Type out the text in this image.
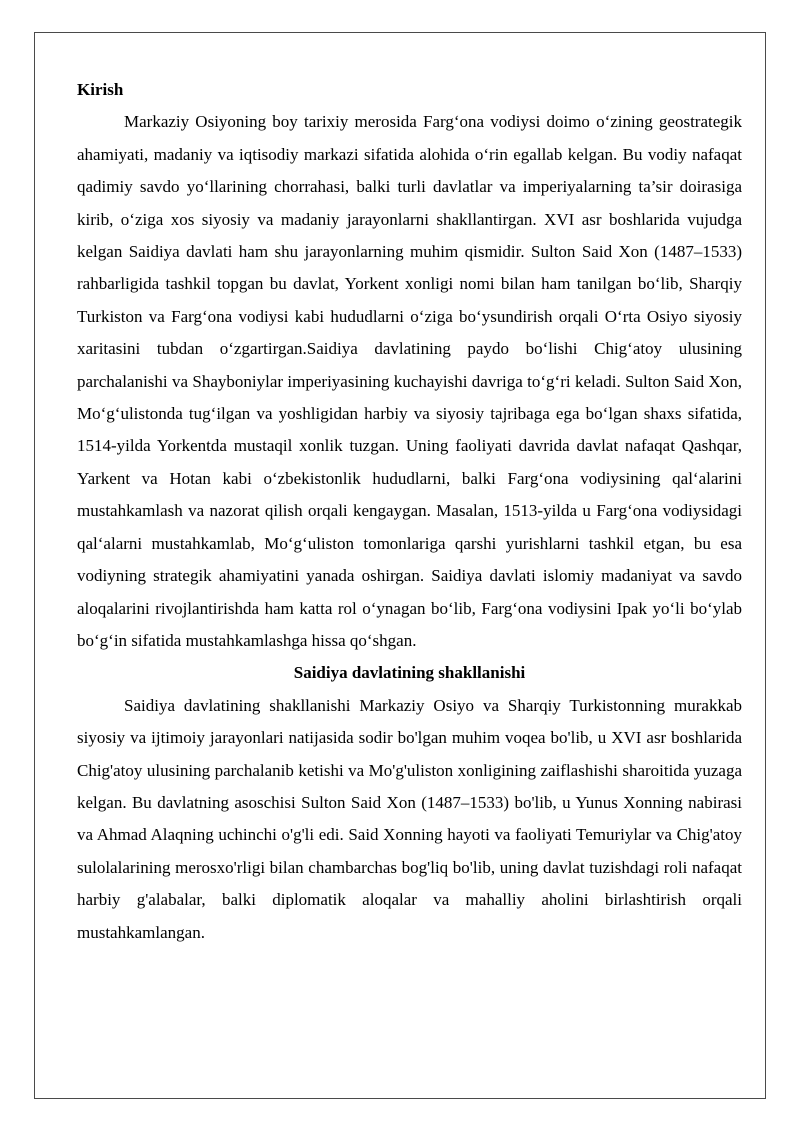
Kirish

Markaziy Osiyoning boy tarixiy merosida Farg‘ona vodiysi doimo o‘zining geostrategik ahamiyati, madaniy va iqtisodiy markazi sifatida alohida o‘rin egallab kelgan. Bu vodiy nafaqat qadimiy savdo yo‘llarining chorrahasi, balki turli davlatlar va imperiyalarning ta’sir doirasiga kirib, o‘ziga xos siyosiy va madaniy jarayonlarni shakllantirgan. XVI asr boshlarida vujudga kelgan Saidiya davlati ham shu jarayonlarning muhim qismidir. Sulton Said Xon (1487–1533) rahbarligida tashkil topgan bu davlat, Yorkent xonligi nomi bilan ham tanilgan bo‘lib, Sharqiy Turkiston va Farg‘ona vodiysi kabi hududlarni o‘ziga bo‘ysundirish orqali O‘rta Osiyo siyosiy xaritasini tubdan o‘zgartirgan.Saidiya davlatining paydo bo‘lishi Chig‘atoy ulusining parchalanishi va Shayboniylar imperiyasining kuchayishi davriga to‘g‘ri keladi. Sulton Said Xon, Mo‘g‘ulistonda tug‘ilgan va yoshligidan harbiy va siyosiy tajribaga ega bo‘lgan shaxs sifatida, 1514-yilda Yorkentda mustaqil xonlik tuzgan. Uning faoliyati davrida davlat nafaqat Qashqar, Yarkent va Hotan kabi o‘zbekistonlik hududlarni, balki Farg‘ona vodiysining qal‘alarini mustahkamlash va nazorat qilish orqali kengaygan. Masalan, 1513-yilda u Farg‘ona vodiysidagi qal‘alarni mustahkamlab, Mo‘g‘uliston tomonlariga qarshi yurishlarni tashkil etgan, bu esa vodiyning strategik ahamiyatini yanada oshirgan. Saidiya davlati islomiy madaniyat va savdo aloqalarini rivojlantirishda ham katta rol o‘ynagan bo‘lib, Farg‘ona vodiysini Ipak yo‘li bo‘ylab bo‘g‘in sifatida mustahkamlashga hissa qo‘shgan.

Saidiya davlatining shakllanishi

Saidiya davlatining shakllanishi Markaziy Osiyo va Sharqiy Turkistonning murakkab siyosiy va ijtimoiy jarayonlari natijasida sodir bo'lgan muhim voqea bo'lib, u XVI asr boshlarida Chig'atoy ulusining parchalanib ketishi va Mo'g'uliston xonligining zaiflashishi sharoitida yuzaga kelgan. Bu davlatning asoschisi Sulton Said Xon (1487–1533) bo'lib, u Yunus Xonning nabirasi va Ahmad Alaqning uchinchi o'g'li edi. Said Xonning hayoti va faoliyati Temuriylar va Chig'atoy sulolalarining merosxo'rligi bilan chambarchas bog'liq bo'lib, uning davlat tuzishdagi roli nafaqat harbiy g'alabalar, balki diplomatik aloqalar va mahalliy aholini birlashtirish orqali mustahkamlangan.
